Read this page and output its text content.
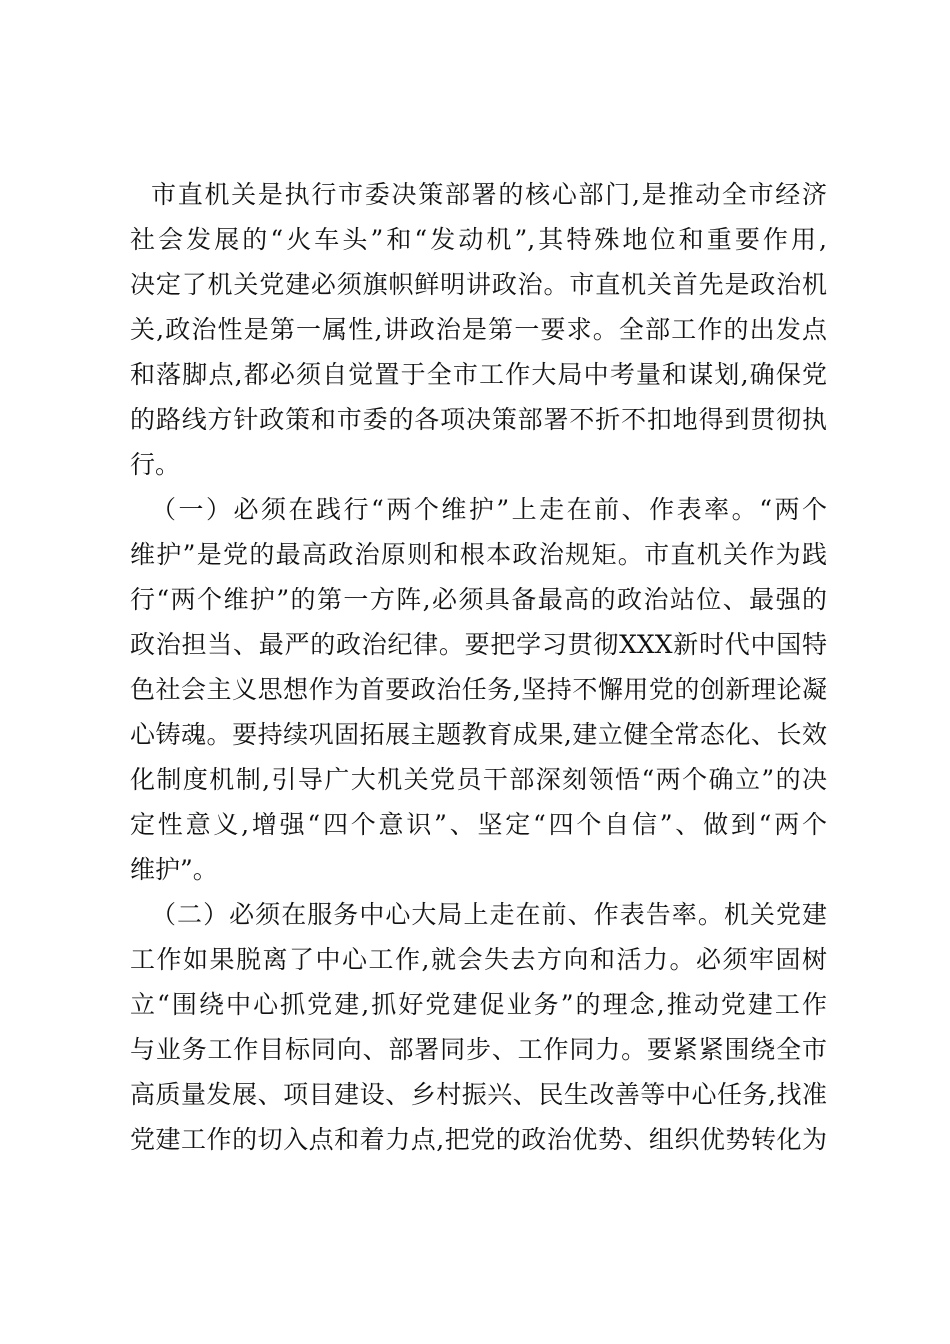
市直机关是执行市委决策部署的核心部门,是推动全市经济
社会发展的“火车头”和“发动机”,其特殊地位和重要作用,
决定了机关党建必须旗帜鲜明讲政治。市直机关首先是政治机
关,政治性是第一属性,讲政治是第一要求。全部工作的出发点
和落脚点,都必须自觉置于全市工作大局中考量和谋划,确保党
的路线方针政策和市委的各项决策部署不折不扣地得到贯彻执
行。
（一）必须在践行“两个维护”上走在前、作表率。“两个
维护”是党的最高政治原则和根本政治规矩。市直机关作为践
行“两个维护”的第一方阵,必须具备最高的政治站位、最强的
政治担当、最严的政治纪律。要把学习贯彻XXX新时代中国特
色社会主义思想作为首要政治任务,坚持不懈用党的创新理论凝
心铸魂。要持续巩固拓展主题教育成果,建立健全常态化、长效
化制度机制,引导广大机关党员干部深刻领悟“两个确立”的决
定性意义,增强“四个意识”、坚定“四个自信”、做到“两个
维护”。
（二）必须在服务中心大局上走在前、作表告率。机关党建
工作如果脱离了中心工作,就会失去方向和活力。必须牢固树
立“围绕中心抓党建,抓好党建促业务”的理念,推动党建工作
与业务工作目标同向、部署同步、工作同力。要紧紧围绕全市
高质量发展、项目建设、乡村振兴、民生改善等中心任务,找准
党建工作的切入点和着力点,把党的政治优势、组织优势转化为
